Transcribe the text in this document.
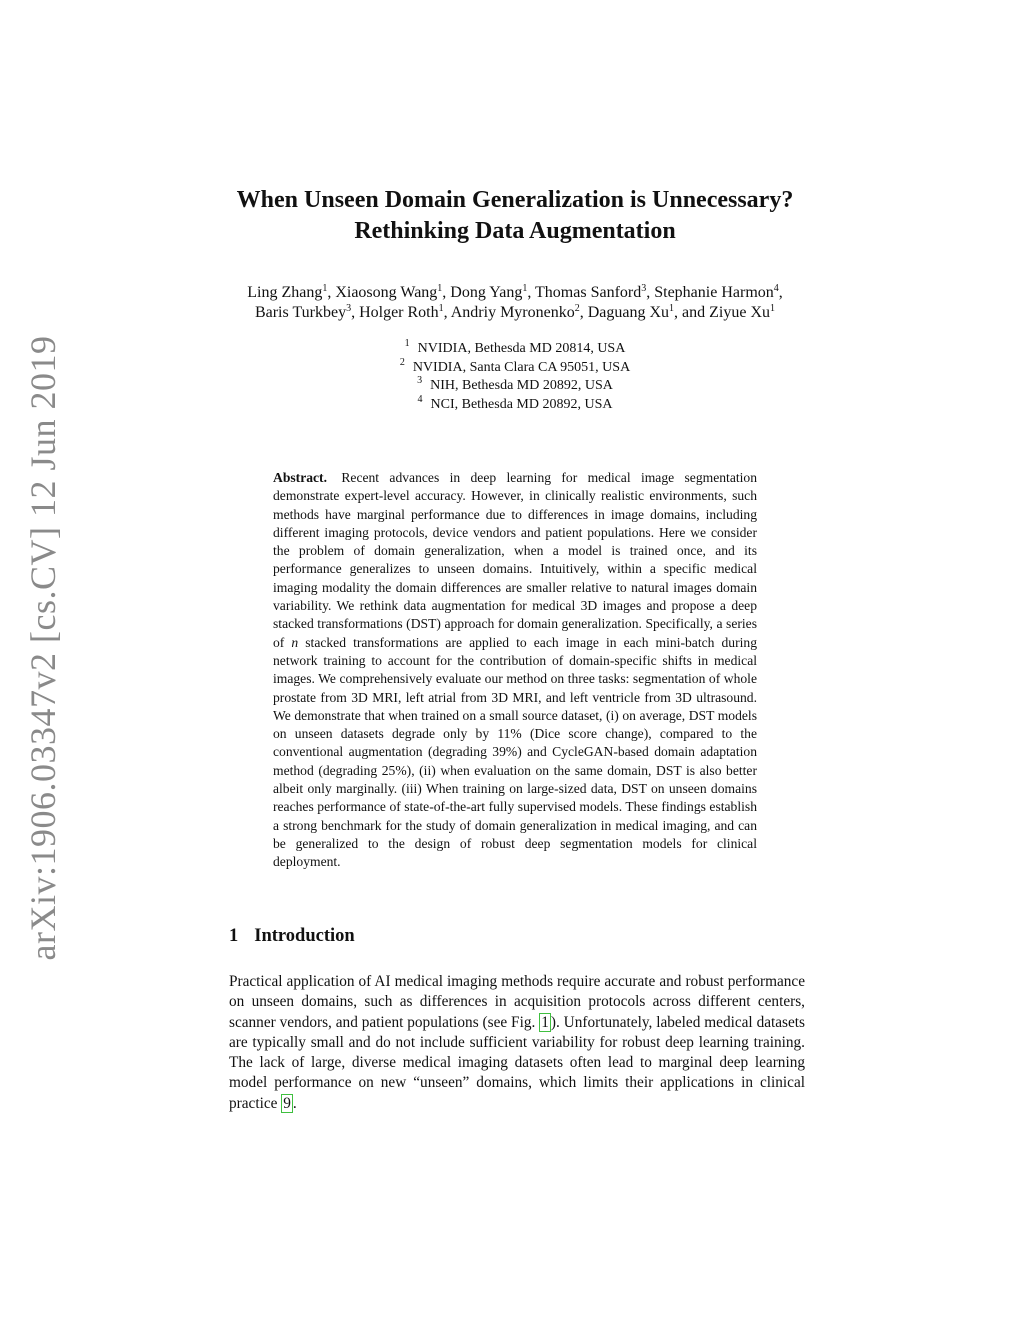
arXiv:1906.03347v2 [cs.CV] 12 Jun 2019
When Unseen Domain Generalization is Unnecessary?
Rethinking Data Augmentation
Ling Zhang$^1$, Xiaosong Wang$^1$, Dong Yang$^1$, Thomas Sanford$^3$, Stephanie Harmon$^4$,
Baris Turkbey$^3$, Holger Roth$^1$, Andriy Myronenko$^2$, Daguang Xu$^1$, and Ziyue Xu$^1$
$^1$ NVIDIA, Bethesda MD 20814, USA
$^2$ NVIDIA, Santa Clara CA 95051, USA
$^3$ NIH, Bethesda MD 20892, USA
$^4$ NCI, Bethesda MD 20892, USA
Abstract. Recent advances in deep learning for medical image segmentation demonstrate expert-level accuracy. However, in clinically realistic environments, such methods have marginal performance due to differences in image domains, including different imaging protocols, device vendors and patient populations. Here we consider the problem of domain generalization, when a model is trained once, and its performance generalizes to unseen domains. Intuitively, within a specific medical imaging modality the domain differences are smaller relative to natural images domain variability. We rethink data augmentation for medical 3D images and propose a deep stacked transformations (DST) approach for domain generalization. Specifically, a series of n stacked transformations are applied to each image in each mini-batch during network training to account for the contribution of domain-specific shifts in medical images. We comprehensively evaluate our method on three tasks: segmentation of whole prostate from 3D MRI, left atrial from 3D MRI, and left ventricle from 3D ultrasound. We demonstrate that when trained on a small source dataset, (i) on average, DST models on unseen datasets degrade only by 11% (Dice score change), compared to the conventional augmentation (degrading 39%) and CycleGAN-based domain adaptation method (degrading 25%), (ii) when evaluation on the same domain, DST is also better albeit only marginally. (iii) When training on large-sized data, DST on unseen domains reaches performance of state-of-the-art fully supervised models. These findings establish a strong benchmark for the study of domain generalization in medical imaging, and can be generalized to the design of robust deep segmentation models for clinical deployment.
1 Introduction
Practical application of AI medical imaging methods require accurate and robust performance on unseen domains, such as differences in acquisition protocols across different centers, scanner vendors, and patient populations (see Fig. 1 ). Unfortunately, labeled medical datasets are typically small and do not include sufficient variability for robust deep learning training. The lack of large, diverse medical imaging datasets often lead to marginal deep learning model performance on new “unseen” domains, which limits their applications in clinical practice 9 .
